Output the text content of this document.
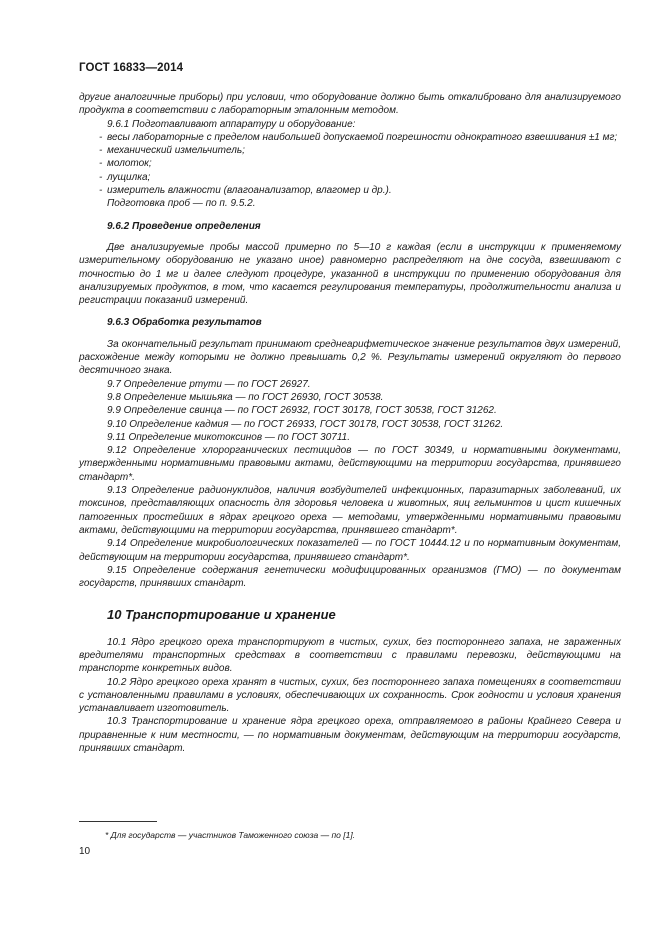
ГОСТ 16833—2014

другие аналогичные приборы) при условии, что оборудование должно быть откалибровано для анализируемого продукта в соответствии с лабораторным эталонным методом.

9.6.1 Подготавливают аппаратуру и оборудование:

- весы лабораторные с пределом наибольшей допускаемой погрешности однократного взвешивания ±1 мг;

- механический измельчитель;

- молоток;

- лущилка;

- измеритель влажности (влагоанализатор, влагомер и др.).

Подготовка проб — по п. 9.5.2.

9.6.2 Проведение определения

Две анализируемые пробы массой примерно по 5—10 г каждая (если в инструкции к применяемому измерительному оборудованию не указано иное) равномерно распределяют на дне сосуда, взвешивают с точностью до 1 мг и далее следуют процедуре, указанной в инструкции по применению оборудования для анализируемых продуктов, в том, что касается регулирования температуры, продолжительности анализа и регистрации показаний измерений.

9.6.3 Обработка результатов

За окончательный результат принимают среднеарифметическое значение результатов двух измерений, расхождение между которыми не должно превышать 0,2 %. Результаты измерений округляют до первого десятичного знака.

9.7 Определение ртути — по ГОСТ 26927.

9.8 Определение мышьяка — по ГОСТ 26930, ГОСТ 30538.

9.9 Определение свинца — по ГОСТ 26932, ГОСТ 30178, ГОСТ 30538, ГОСТ 31262.

9.10 Определение кадмия — по ГОСТ 26933, ГОСТ 30178, ГОСТ 30538, ГОСТ 31262.

9.11 Определение микотоксинов — по ГОСТ 30711.

9.12 Определение хлорорганических пестицидов — по ГОСТ 30349, и нормативными документами, утвержденными нормативными правовыми актами, действующими на территории государства, принявшего стандарт*.

9.13 Определение радионуклидов, наличия возбудителей инфекционных, паразитарных заболеваний, их токсинов, представляющих опасность для здоровья человека и животных, яиц гельминтов и цист кишечных патогенных простейших в ядрах грецкого ореха — методами, утвержденными нормативными правовыми актами, действующими на территории государства, принявшего стандарт*.

9.14 Определение микробиологических показателей — по ГОСТ 10444.12 и по нормативным документам, действующим на территории государства, принявшего стандарт*.

9.15 Определение содержания генетически модифицированных организмов (ГМО) — по документам государств, принявших стандарт.

10 Транспортирование и хранение

10.1 Ядро грецкого ореха транспортируют в чистых, сухих, без постороннего запаха, не зараженных вредителями транспортных средствах в соответствии с правилами перевозки, действующими на транспорте конкретных видов.

10.2 Ядро грецкого ореха хранят в чистых, сухих, без постороннего запаха помещениях в соответствии с установленными правилами в условиях, обеспечивающих их сохранность. Срок годности и условия хранения устанавливает изготовитель.

10.3 Транспортирование и хранение ядра грецкого ореха, отправляемого в районы Крайнего Севера и приравненные к ним местности, — по нормативным документам, действующим на территории государств, принявших стандарт.

* Для государств — участников Таможенного союза — по [1].
10
